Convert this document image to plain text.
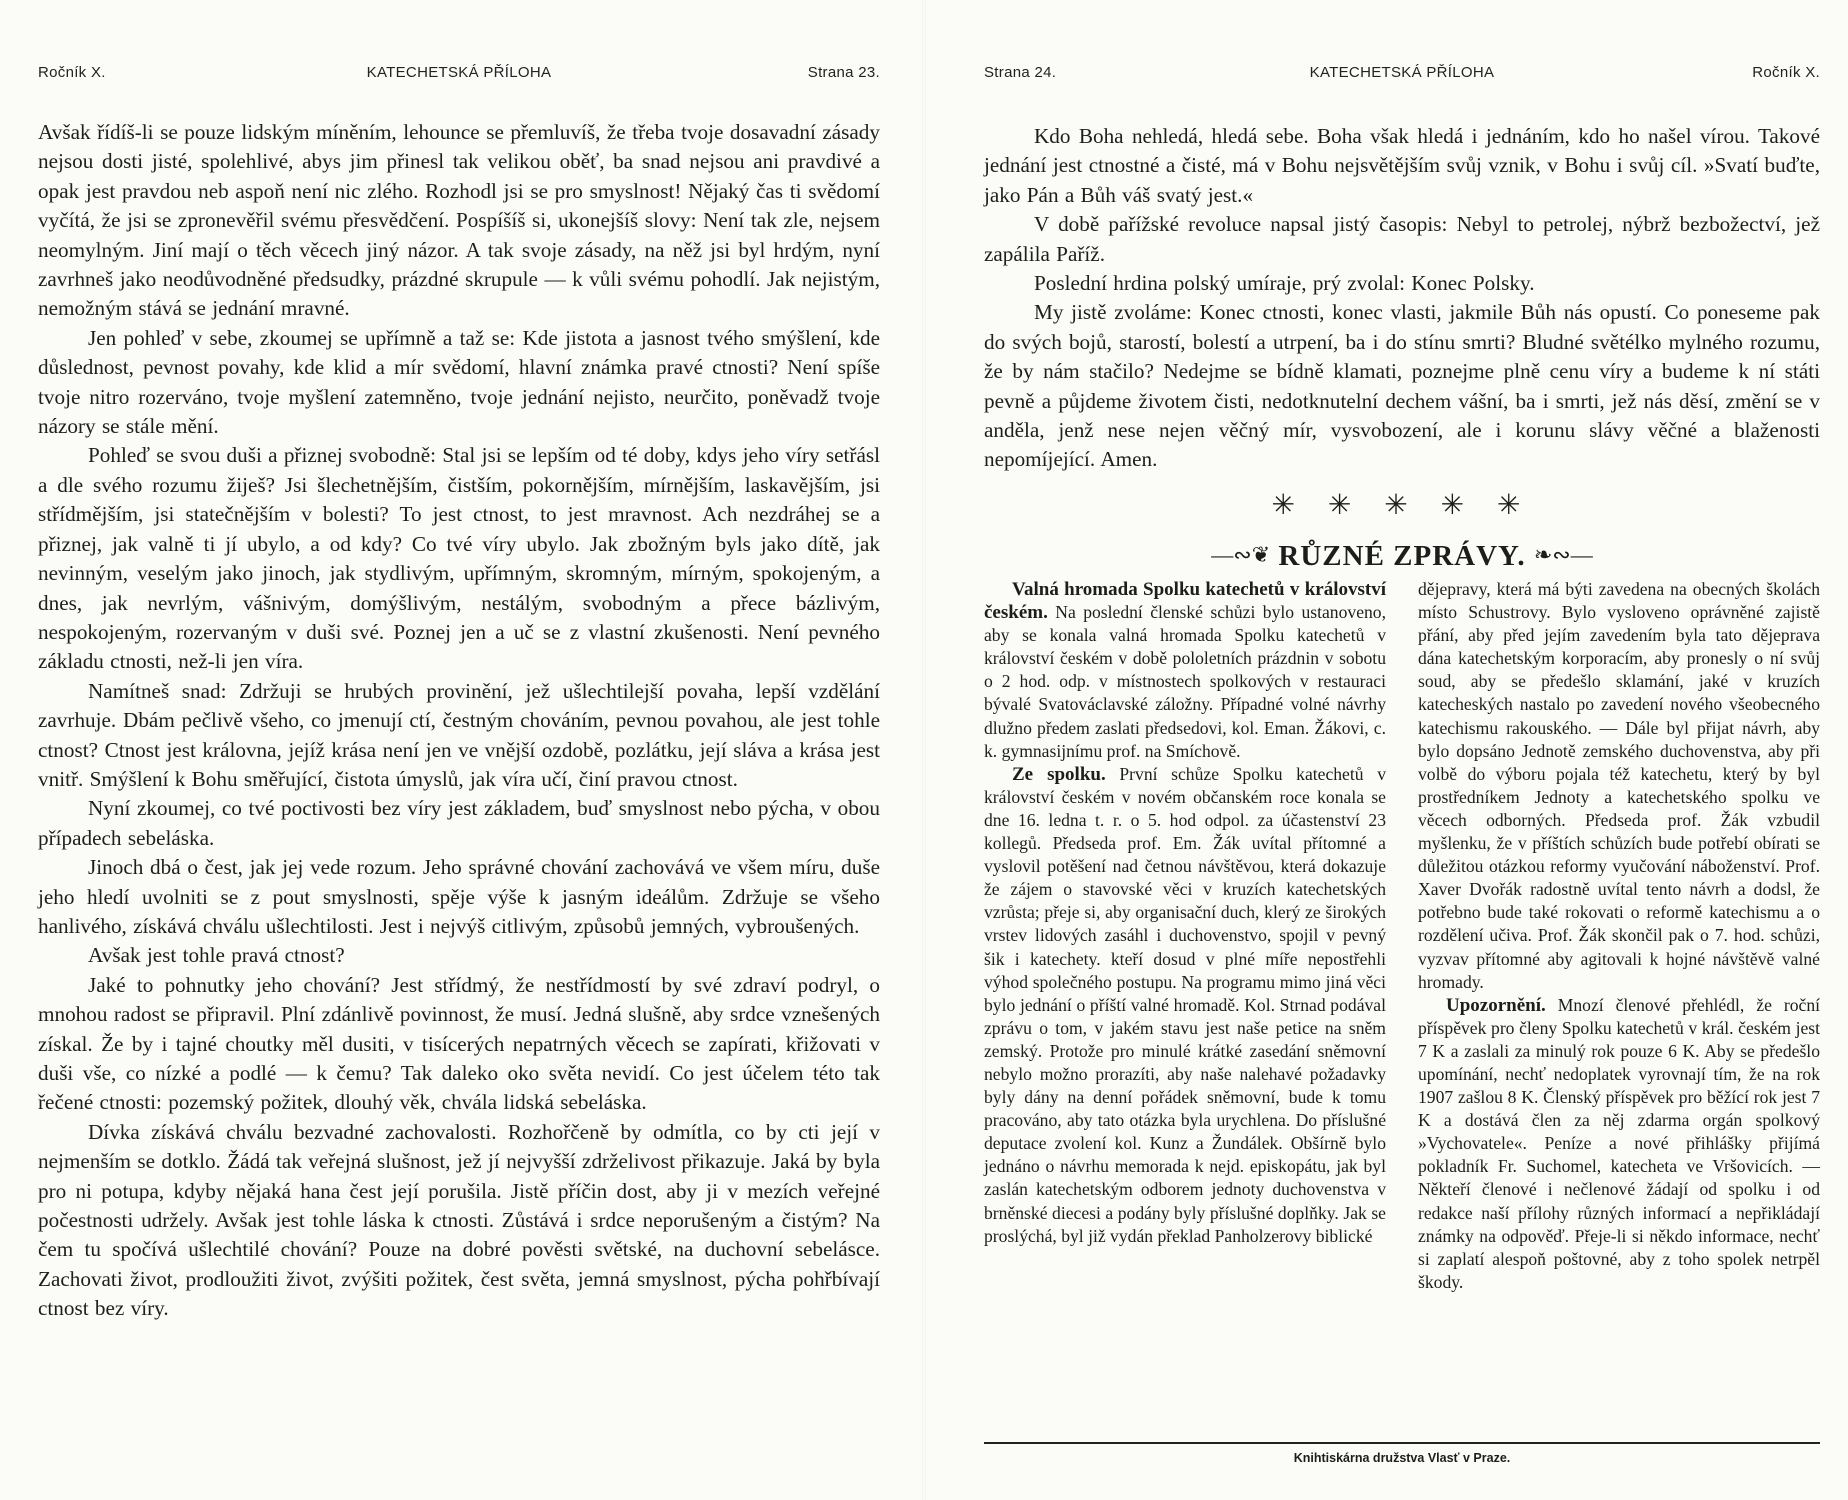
Ročník X.	KATECHETSKÁ PŘÍLOHA	Strana 23.

Avšak řídíš-li se pouze lidským míněním, lehounce se přemluvíš, že třeba tvoje dosavadní zásady nejsou dosti jisté, spolehlivé, abys jim přinesl tak velikou oběť, ba snad nejsou ani pravdivé a opak jest pravdou neb aspoň není nic zlého. Rozhodl jsi se pro smyslnost! Nějaký čas ti svědomí vyčítá, že jsi se zpronevěřil svému přesvědčení. Pospíšíš si, ukonejšíš slovy: Není tak zle, nejsem neomylným. Jiní mají o těch věcech jiný názor. A tak svoje zásady, na něž jsi byl hrdým, nyní zavrhneš jako neodůvodněné předsudky, prázdné skrupule — k vůli svému pohodlí. Jak nejistým, nemožným stává se jednání mravné.

Jen pohleď v sebe, zkoumej se upřímně a taž se: Kde jistota a jasnost tvého smýšlení, kde důslednost, pevnost povahy, kde klid a mír svědomí, hlavní známka pravé ctnosti? Není spíše tvoje nitro rozerváno, tvoje myšlení zatemněno, tvoje jednání nejisto, neurčito, poněvadž tvoje názory se stále mění.

Pohleď se svou duši a přiznej svobodně: Stal jsi se lepším od té doby, kdys jeho víry setřásl a dle svého rozumu žiješ? Jsi šlechetnějším, čistším, pokornějším, mírnějším, laskavějším, jsi střídmějším, jsi statečnějším v bolesti? To jest ctnost, to jest mravnost. Ach nezdráhej se a přiznej, jak valně ti jí ubylo, a od kdy? Co tvé víry ubylo. Jak zbožným byls jako dítě, jak nevinným, veselým jako jinoch, jak stydlivým, upřímným, skromným, mírným, spokojeným, a dnes, jak nevrlým, vášnivým, domýšlivým, nestálým, svobodným a přece bázlivým, nespokojeným, rozervaným v duši své. Poznej jen a uč se z vlastní zkušenosti. Není pevného základu ctnosti, než-li jen víra.

Namítneš snad: Zdržuji se hrubých provinění, jež ušlechtilejší povaha, lepší vzdělání zavrhuje. Dbám pečlivě všeho, co jmenují ctí, čestným chováním, pevnou povahou, ale jest tohle ctnost? Ctnost jest královna, jejíž krása není jen ve vnější ozdobě, pozlátku, její sláva a krása jest vnitř. Smýšlení k Bohu směřující, čistota úmyslů, jak víra učí, činí pravou ctnost.

Nyní zkoumej, co tvé poctivosti bez víry jest základem, buď smyslnost nebo pýcha, v obou případech sebeláska.

Jinoch dbá o čest, jak jej vede rozum. Jeho správné chování zachovává ve všem míru, duše jeho hledí uvolniti se z pout smyslnosti, spěje výše k jasným ideálům. Zdržuje se všeho hanlivého, získává chválu ušlechtilosti. Jest i nejvýš citlivým, způsobů jemných, vybroušených.

Avšak jest tohle pravá ctnost?

Jaké to pohnutky jeho chování? Jest střídmý, že nestřídmostí by své zdraví podryl, o mnohou radost se připravil. Plní zdánlivě povinnost, že musí. Jedná slušně, aby srdce vznešených získal. Že by i tajné choutky měl dusiti, v tisícerých nepatrných věcech se zapírati, křižovati v duši vše, co nízké a podlé — k čemu? Tak daleko oko světa nevidí. Co jest účelem této tak řečené ctnosti: pozemský požitek, dlouhý věk, chvála lidská sebeláska.

Dívka získává chválu bezvadné zachovalosti. Rozhořčeně by odmítla, co by cti její v nejmenším se dotklo. Žádá tak veřejná slušnost, jež jí nejvyšší zdrželivost přikazuje. Jaká by byla pro ni potupa, kdyby nějaká hana čest její porušila. Jistě příčin dost, aby ji v mezích veřejné počestnosti udržely. Avšak jest tohle láska k ctnosti. Zůstává i srdce neporušeným a čistým? Na čem tu spočívá ušlechtilé chování? Pouze na dobré pověsti světské, na duchovní sebelásce. Zachovati život, prodloužiti život, zvýšiti požitek, čest světa, jemná smyslnost, pýcha pohřbívají ctnost bez víry.

Strana 24.	KATECHETSKÁ PŘÍLOHA	Ročník X.

Kdo Boha nehledá, hledá sebe. Boha však hledá i jednáním, kdo ho našel vírou. Takové jednání jest ctnostné a čisté, má v Bohu nejsvětějším svůj vznik, v Bohu i svůj cíl. »Svatí buďte, jako Pán a Bůh váš svatý jest.«

V době pařížské revoluce napsal jistý časopis: Nebyl to petrolej, nýbrž bezbožectví, jež zapálila Paříž.

Poslední hrdina polský umíraje, prý zvolal: Konec Polsky.

My jistě zvoláme: Konec ctnosti, konec vlasti, jakmile Bůh nás opustí. Co poneseme pak do svých bojů, starostí, bolestí a utrpení, ba i do stínu smrti? Bludné světélko mylného rozumu, že by nám stačilo? Nedejme se bídně klamati, poznejme plně cenu víry a budeme k ní státi pevně a půjdeme životem čisti, nedotknutelní dechem vášní, ba i smrti, jež nás děsí, změní se v anděla, jenž nese nejen věčný mír, vysvobození, ale i korunu slávy věčné a blaženosti nepomíjející. Amen.

✳ ✳ ✳ ✳ ✳
—∾❦ RŮZNÉ ZPRÁVY. ❧∾—

Valná hromada Spolku katechetů v království českém. Na poslední členské schůzi bylo ustanoveno, aby se konala valná hromada Spolku katechetů v království českém v době pololetních prázdnin v sobotu o 2 hod. odp. v místnostech spolkových v restauraci bývalé Svatováclavské záložny. Případné volné návrhy dlužno předem zaslati předsedovi, kol. Eman. Žákovi, c. k. gymnasijnímu prof. na Smíchově.

Ze spolku. První schůze Spolku katechetů v království českém v novém občanském roce konala se dne 16. ledna t. r. o 5. hod odpol. za účastenství 23 kollegů. Předseda prof. Em. Žák uvítal přítomné a vyslovil potěšení nad četnou návštěvou, která dokazuje že zájem o stavovské věci v kruzích katechetských vzrůsta; přeje si, aby organisační duch, klerý ze širokých vrstev lidových zasáhl i duchovenstvo, spojil v pevný šik i katechety. kteří dosud v plné míře nepostřehli výhod společného postupu. Na programu mimo jiná věci bylo jednání o příští valné hromadě. Kol. Strnad podával zprávu o tom, v jakém stavu jest naše petice na sněm zemský. Protože pro minulé krátké zasedání sněmovní nebylo možno prorazíti, aby naše nalehavé požadavky byly dány na denní pořádek sněmovní, bude k tomu pracováno, aby tato otázka byla urychlena. Do příslušné deputace zvolení kol. Kunz a Žundálek. Obšírně bylo jednáno o návrhu memorada k nejd. episkopátu, jak byl zaslán katechetským odborem jednoty duchovenstva v brněnské diecesi a podány byly příslušné doplňky. Jak se proslýchá, byl již vydán překlad Panholzerovy biblické

dějepravy, která má býti zavedena na obecných školách místo Schustrovy. Bylo vysloveno oprávněné zajistě přání, aby před jejím zavedením byla tato dějeprava dána katechetským korporacím, aby pronesly o ní svůj soud, aby se předešlo sklamání, jaké v kruzích katecheských nastalo po zavedení nového všeobecného katechismu rakouského. — Dále byl přijat návrh, aby bylo dopsáno Jednotě zemského duchovenstva, aby při volbě do výboru pojala též katechetu, který by byl prostředníkem Jednoty a katechetského spolku ve věcech odborných. Předseda prof. Žák vzbudil myšlenku, že v příštích schůzích bude potřebí obírati se důležitou otázkou reformy vyučování náboženství. Prof. Xaver Dvořák radostně uvítal tento návrh a dodsl, že potřebno bude také rokovati o reformě katechismu a o rozdělení učiva. Prof. Žák skončil pak o 7. hod. schůzi, vyzvav přítomné aby agitovali k hojné návštěvě valné hromady.

Upozornění. Mnozí členové přehlédl, že roční příspěvek pro členy Spolku katechetů v král. českém jest 7 K a zaslali za minulý rok pouze 6 K. Aby se předešlo upomínání, nechť nedoplatek vyrovnají tím, že na rok 1907 zašlou 8 K. Členský příspěvek pro běžící rok jest 7 K a dostává člen za něj zdarma orgán spolkový »Vychovatele«. Peníze a nové přihlášky přijímá pokladník Fr. Suchomel, katecheta ve Vršovicích. — Někteří členové i nečlenové žádají od spolku i od redakce naší přílohy různých informací a nepřikládají známky na odpověď. Přeje-li si někdo informace, nechť si zaplatí alespoň poštovné, aby z toho spolek netrpěl škody.

Knihtiskárna družstva Vlasť v Praze.
